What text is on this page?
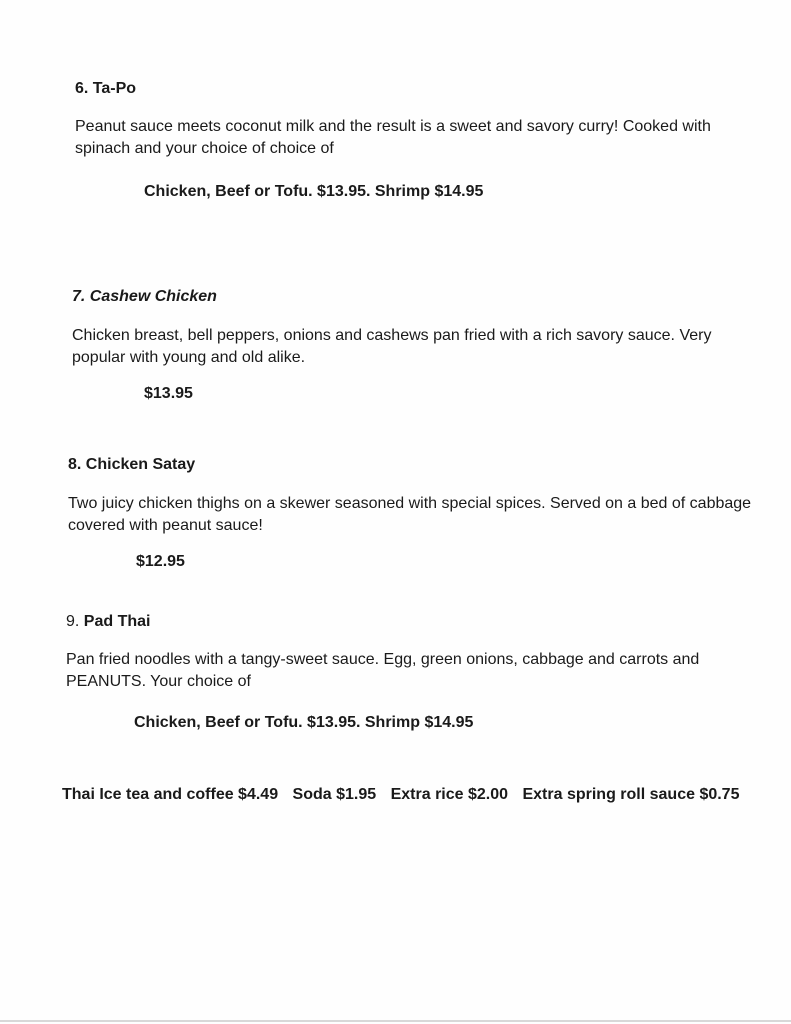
6. Ta-Po

Peanut sauce meets coconut milk and the result is a sweet and savory curry! Cooked with spinach and your choice of choice of

Chicken, Beef or Tofu. $13.95. Shrimp $14.95

7. Cashew Chicken

Chicken breast, bell peppers, onions and cashews pan fried with a rich savory sauce. Very popular with young and old alike.

$13.95

8. Chicken Satay

Two juicy chicken thighs on a skewer seasoned with special spices. Served on a bed of cabbage covered with peanut sauce!

$12.95

9. Pad Thai

Pan fried noodles with a tangy-sweet sauce. Egg, green onions, cabbage and carrots and PEANUTS. Your choice of

Chicken, Beef or Tofu. $13.95. Shrimp $14.95
Thai Ice tea and coffee $4.49 Soda $1.95 Extra rice $2.00 Extra spring roll sauce $0.75
